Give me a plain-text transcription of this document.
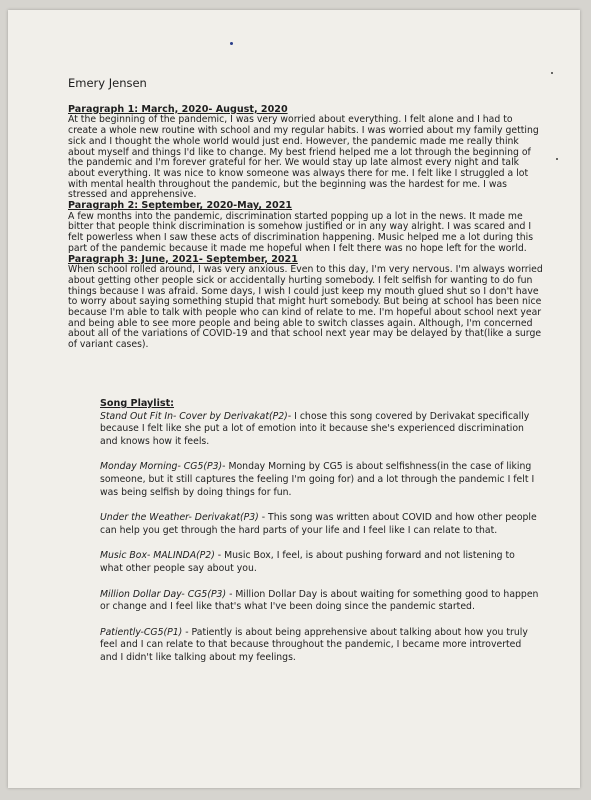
Emery Jensen
Paragraph 1: March, 2020- August, 2020

At the beginning of the pandemic, I was very worried about everything. I felt alone and I had to create a whole new routine with school and my regular habits. I was worried about my family getting sick and I thought the whole world would just end. However, the pandemic made me really think about myself and things I'd like to change. My best friend helped me a lot through the beginning of the pandemic and I'm forever grateful for her. We would stay up late almost every night and talk about everything. It was nice to know someone was always there for me. I felt like I struggled a lot with mental health throughout the pandemic, but the beginning was the hardest for me. I was stressed and apprehensive.

Paragraph 2: September, 2020-May, 2021

A few months into the pandemic, discrimination started popping up a lot in the news. It made me bitter that people think discrimination is somehow justified or in any way alright. I was scared and I felt powerless when I saw these acts of discrimination happening. Music helped me a lot during this part of the pandemic because it made me hopeful when I felt there was no hope left for the world.

Paragraph 3: June, 2021- September, 2021

When school rolled around, I was very anxious. Even to this day, I'm very nervous. I'm always worried about getting other people sick or accidentally hurting somebody. I felt selfish for wanting to do fun things because I was afraid. Some days, I wish I could just keep my mouth glued shut so I don't have to worry about saying something stupid that might hurt somebody. But being at school has been nice because I'm able to talk with people who can kind of relate to me. I'm hopeful about school next year and being able to see more people and being able to switch classes again. Although, I'm concerned about all of the variations of COVID-19 and that school next year may be delayed by that(like a surge of variant cases).

Song Playlist:

Stand Out Fit In- Cover by Derivakat(P2)- I chose this song covered by Derivakat specifically because I felt like she put a lot of emotion into it because she's experienced discrimination and knows how it feels.

Monday Morning- CG5(P3)- Monday Morning by CG5 is about selfishness(in the case of liking someone, but it still captures the feeling I'm going for) and a lot through the pandemic I felt I was being selfish by doing things for fun.

Under the Weather- Derivakat(P3) - This song was written about COVID and how other people can help you get through the hard parts of your life and I feel like I can relate to that.

Music Box- MALINDA(P2) - Music Box, I feel, is about pushing forward and not listening to what other people say about you.

Million Dollar Day- CG5(P3) - Million Dollar Day is about waiting for something good to happen or change and I feel like that's what I've been doing since the pandemic started.

Patiently-CG5(P1) - Patiently is about being apprehensive about talking about how you truly feel and I can relate to that because throughout the pandemic, I became more introverted and I didn't like talking about my feelings.
